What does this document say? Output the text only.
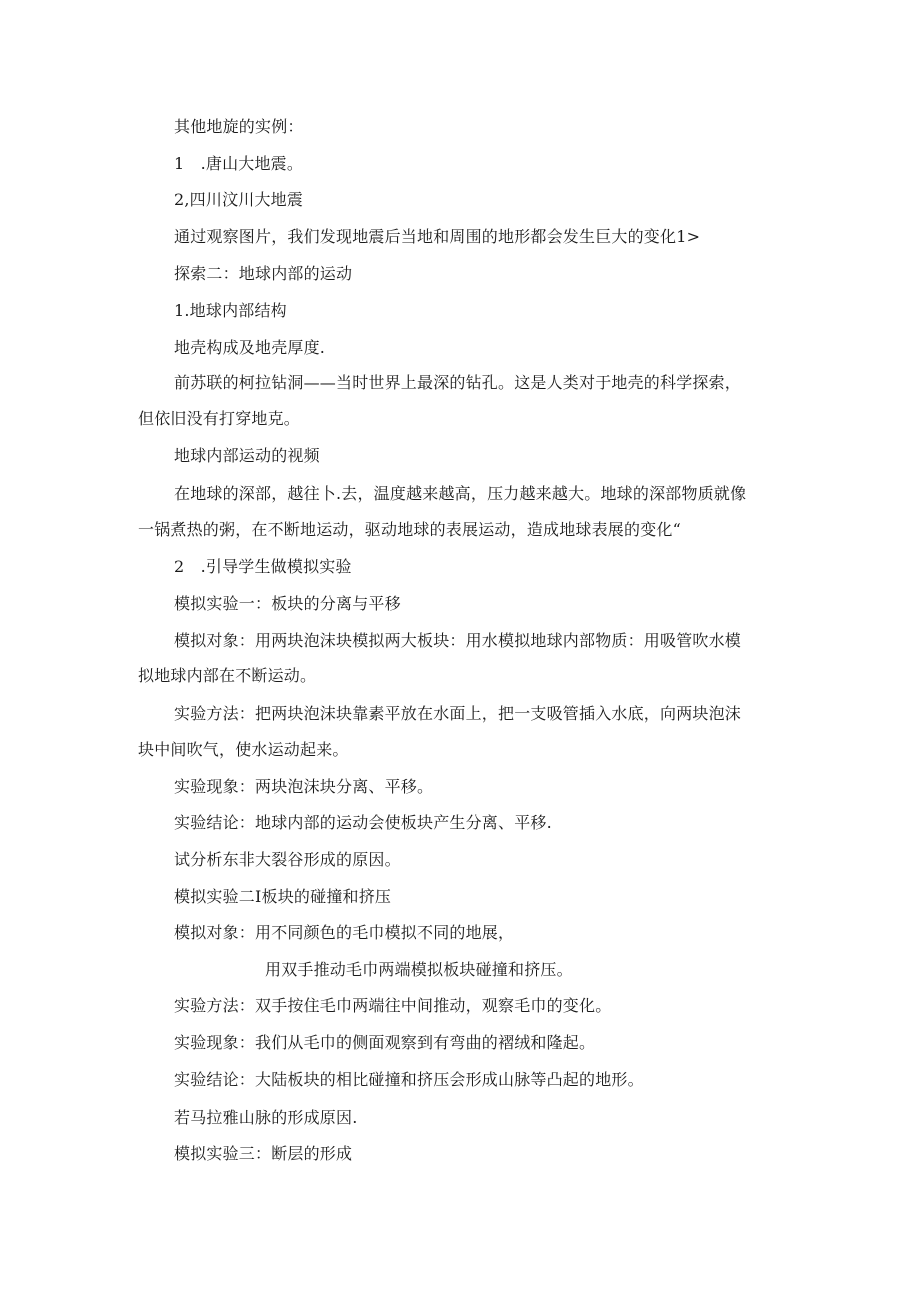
其他地旋的实例：
1　.唐山大地震。
2,四川汶川大地震
通过观察图片，我们发现地震后当地和周围的地形都会发生巨大的变化1>
探索二：地球内部的运动
1.地球内部结构
地壳构成及地壳厚度.
前苏联的柯拉钻洞——当时世界上最深的钻孔。这是人类对于地壳的科学探索，
但依旧没有打穿地克。
地球内部运动的视频
在地球的深部，越往卜.去，温度越来越高，压力越来越大。地球的深部物质就像
一锅煮热的粥，在不断地运动，驱动地球的表展运动，造成地球表展的变化“
2　.引导学生做模拟实验
模拟实验一：板块的分离与平移
模拟对象：用两块泡沫块模拟两大板块：用水模拟地球内部物质：用吸管吹水模
拟地球内部在不断运动。
实验方法：把两块泡沫块靠素平放在水面上，把一支吸管插入水底，向两块泡沫
块中间吹气，使水运动起来。
实验现象：两块泡沫块分离、平移。
实验结论：地球内部的运动会使板块产生分离、平移.
试分析东非大裂谷形成的原因。
模拟实验二I板块的碰撞和挤压
模拟对象：用不同颜色的毛巾模拟不同的地展，
用双手推动毛巾两端模拟板块碰撞和挤压。
实验方法：双手按住毛巾两端往中间推动，观察毛巾的变化。
实验现象：我们从毛巾的侧面观察到有弯曲的褶绒和隆起。
实验结论：大陆板块的相比碰撞和挤压会形成山脉等凸起的地形。
若马拉雅山脉的形成原因.
模拟实验三：断层的形成
